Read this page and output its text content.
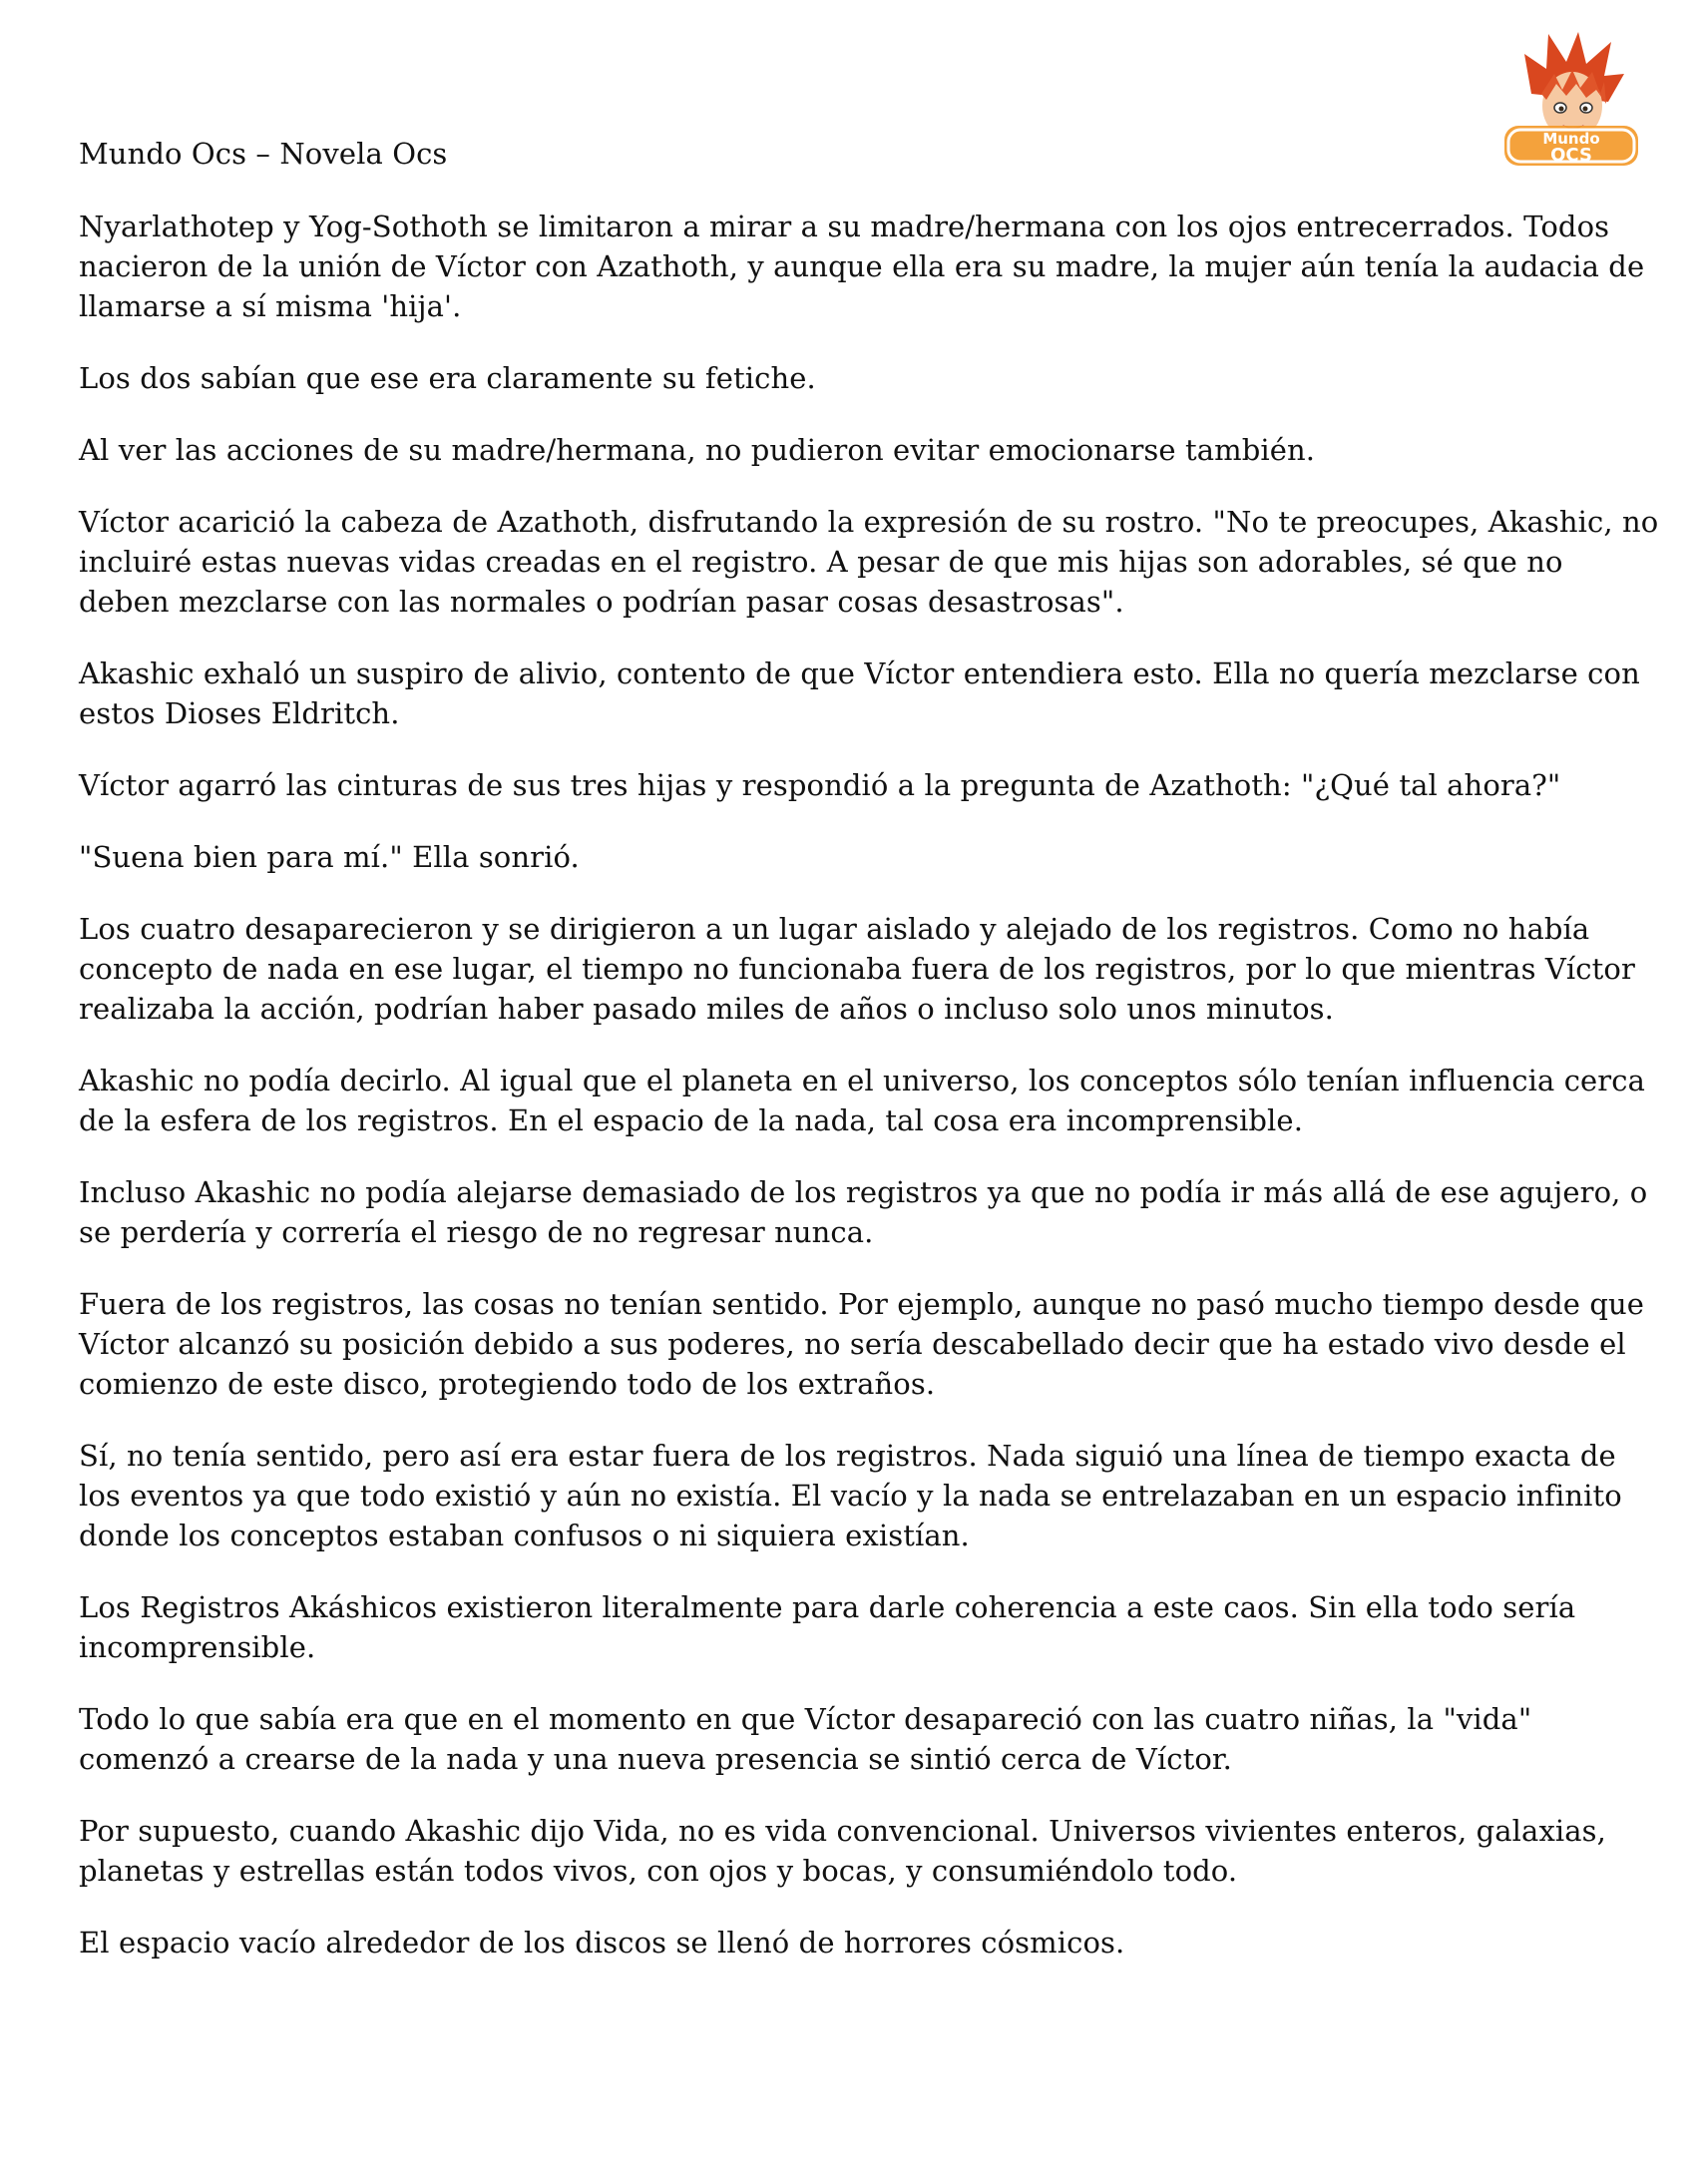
Mundo
OCS
Mundo Ocs – Novela Ocs

Nyarlathotep y Yog-Sothoth se limitaron a mirar a su madre/hermana con los ojos entrecerrados. Todos nacieron de la unión de Víctor con Azathoth, y aunque ella era su madre, la mujer aún tenía la audacia de llamarse a sí misma 'hija'.

Los dos sabían que ese era claramente su fetiche.

Al ver las acciones de su madre/hermana, no pudieron evitar emocionarse también.

Víctor acarició la cabeza de Azathoth, disfrutando la expresión de su rostro. "No te preocupes, Akashic, no incluiré estas nuevas vidas creadas en el registro. A pesar de que mis hijas son adorables, sé que no deben mezclarse con las normales o podrían pasar cosas desastrosas".

Akashic exhaló un suspiro de alivio, contento de que Víctor entendiera esto. Ella no quería mezclarse con estos Dioses Eldritch.

Víctor agarró las cinturas de sus tres hijas y respondió a la pregunta de Azathoth: "¿Qué tal ahora?"

"Suena bien para mí." Ella sonrió.

Los cuatro desaparecieron y se dirigieron a un lugar aislado y alejado de los registros. Como no había concepto de nada en ese lugar, el tiempo no funcionaba fuera de los registros, por lo que mientras Víctor realizaba la acción, podrían haber pasado miles de años o incluso solo unos minutos.

Akashic no podía decirlo. Al igual que el planeta en el universo, los conceptos sólo tenían influencia cerca de la esfera de los registros. En el espacio de la nada, tal cosa era incomprensible.

Incluso Akashic no podía alejarse demasiado de los registros ya que no podía ir más allá de ese agujero, o se perdería y correría el riesgo de no regresar nunca.

Fuera de los registros, las cosas no tenían sentido. Por ejemplo, aunque no pasó mucho tiempo desde que Víctor alcanzó su posición debido a sus poderes, no sería descabellado decir que ha estado vivo desde el comienzo de este disco, protegiendo todo de los extraños.

Sí, no tenía sentido, pero así era estar fuera de los registros. Nada siguió una línea de tiempo exacta de los eventos ya que todo existió y aún no existía. El vacío y la nada se entrelazaban en un espacio infinito donde los conceptos estaban confusos o ni siquiera existían.

Los Registros Akáshicos existieron literalmente para darle coherencia a este caos. Sin ella todo sería incomprensible.

Todo lo que sabía era que en el momento en que Víctor desapareció con las cuatro niñas, la "vida" comenzó a crearse de la nada y una nueva presencia se sintió cerca de Víctor.

Por supuesto, cuando Akashic dijo Vida, no es vida convencional. Universos vivientes enteros, galaxias, planetas y estrellas están todos vivos, con ojos y bocas, y consumiéndolo todo.

El espacio vacío alrededor de los discos se llenó de horrores cósmicos.
